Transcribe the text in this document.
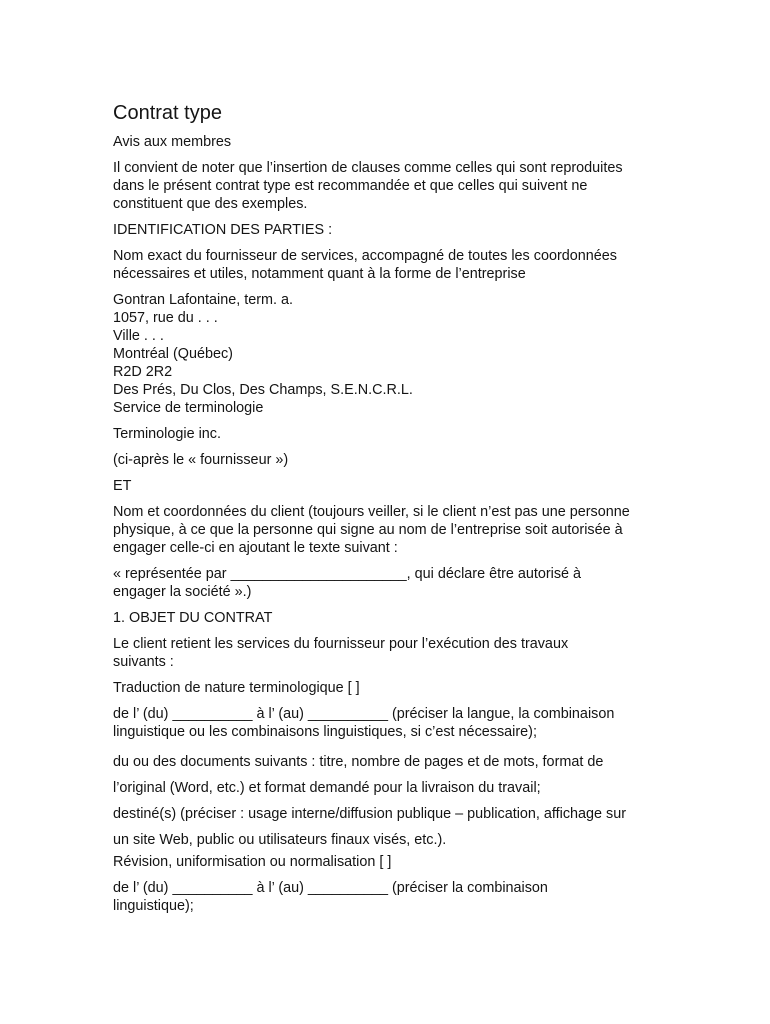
Contrat type

Avis aux membres

Il convient de noter que l’insertion de clauses comme celles qui sont reproduites
dans le présent contrat type est recommandée et que celles qui suivent ne
constituent que des exemples.

IDENTIFICATION DES PARTIES :

Nom exact du fournisseur de services, accompagné de toutes les coordonnées
nécessaires et utiles, notamment quant à la forme de l’entreprise

Gontran Lafontaine, term. a.
1057, rue du . . .
Ville . . .
Montréal (Québec)
R2D 2R2
Des Prés, Du Clos, Des Champs, S.E.N.C.R.L.
Service de terminologie

Terminologie inc.

(ci-après le « fournisseur »)

ET

Nom et coordonnées du client (toujours veiller, si le client n’est pas une personne
physique, à ce que la personne qui signe au nom de l’entreprise soit autorisée à
engager celle-ci en ajoutant le texte suivant :

« représentée par ______________________, qui déclare être autorisé à
engager la société ».)

1. OBJET DU CONTRAT

Le client retient les services du fournisseur pour l’exécution des travaux
suivants :

Traduction de nature terminologique [ ]

de l’ (du) __________ à l’ (au) __________ (préciser la langue, la combinaison
linguistique ou les combinaisons linguistiques, si c’est nécessaire);

du ou des documents suivants : titre, nombre de pages et de mots, format de
l’original (Word, etc.) et format demandé pour la livraison du travail;

destiné(s) (préciser : usage interne/diffusion publique – publication, affichage sur
un site Web, public ou utilisateurs finaux visés, etc.).

Révision, uniformisation ou normalisation [ ]

de l’ (du) __________ à l’ (au) __________ (préciser la combinaison
linguistique);
